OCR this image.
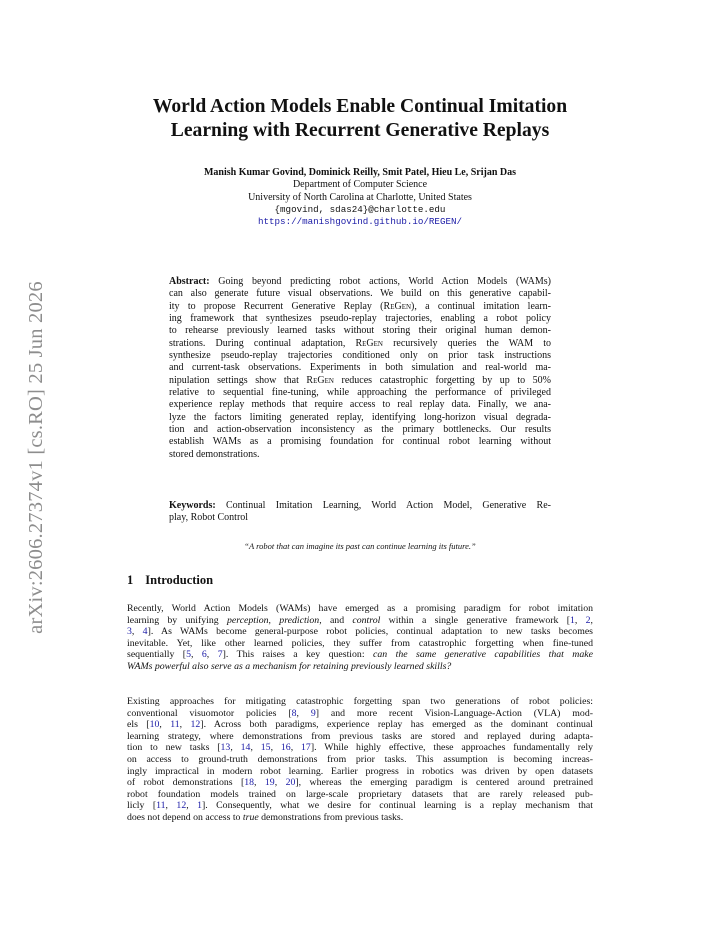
arXiv:2606.27374v1 [cs.RO] 25 Jun 2026
World Action Models Enable Continual Imitation
Learning with Recurrent Generative Replays
Manish Kumar Govind, Dominick Reilly, Smit Patel, Hieu Le, Srijan Das
Department of Computer Science
University of North Carolina at Charlotte, United States
{mgovind, sdas24}@charlotte.edu
https://manishgovind.github.io/REGEN/

Abstract: Going beyond predicting robot actions, World Action Models (WAMs)

can also generate future visual observations. We build on this generative capabil-

ity to propose Recurrent Generative Replay (ReGen), a continual imitation learn-

ing framework that synthesizes pseudo-replay trajectories, enabling a robot policy

to rehearse previously learned tasks without storing their original human demon-

strations. During continual adaptation, ReGen recursively queries the WAM to

synthesize pseudo-replay trajectories conditioned only on prior task instructions

and current-task observations. Experiments in both simulation and real-world ma-

nipulation settings show that ReGen reduces catastrophic forgetting by up to 50%

relative to sequential fine-tuning, while approaching the performance of privileged

experience replay methods that require access to real replay data. Finally, we ana-

lyze the factors limiting generated replay, identifying long-horizon visual degrada-

tion and action-observation inconsistency as the primary bottlenecks. Our results

establish WAMs as a promising foundation for continual robot learning without

stored demonstrations.

Keywords: Continual Imitation Learning, World Action Model, Generative Re-

play, Robot Control

“A robot that can imagine its past can continue learning its future.”
1 Introduction
Recently, World Action Models (WAMs) have emerged as a promising paradigm for robot imitation
learning by unifying perception, prediction, and control within a single generative framework [1, 2,
3, 4]. As WAMs become general-purpose robot policies, continual adaptation to new tasks becomes
inevitable. Yet, like other learned policies, they suffer from catastrophic forgetting when fine-tuned
sequentially [5, 6, 7]. This raises a key question: can the same generative capabilities that make
WAMs powerful also serve as a mechanism for retaining previously learned skills?
Existing approaches for mitigating catastrophic forgetting span two generations of robot policies:
conventional visuomotor policies [8, 9] and more recent Vision-Language-Action (VLA) mod-
els [10, 11, 12]. Across both paradigms, experience replay has emerged as the dominant continual
learning strategy, where demonstrations from previous tasks are stored and replayed during adapta-
tion to new tasks [13, 14, 15, 16, 17]. While highly effective, these approaches fundamentally rely
on access to ground-truth demonstrations from prior tasks. This assumption is becoming increas-
ingly impractical in modern robot learning. Earlier progress in robotics was driven by open datasets
of robot demonstrations [18, 19, 20], whereas the emerging paradigm is centered around pretrained
robot foundation models trained on large-scale proprietary datasets that are rarely released pub-
licly [11, 12, 1]. Consequently, what we desire for continual learning is a replay mechanism that
does not depend on access to true demonstrations from previous tasks.
